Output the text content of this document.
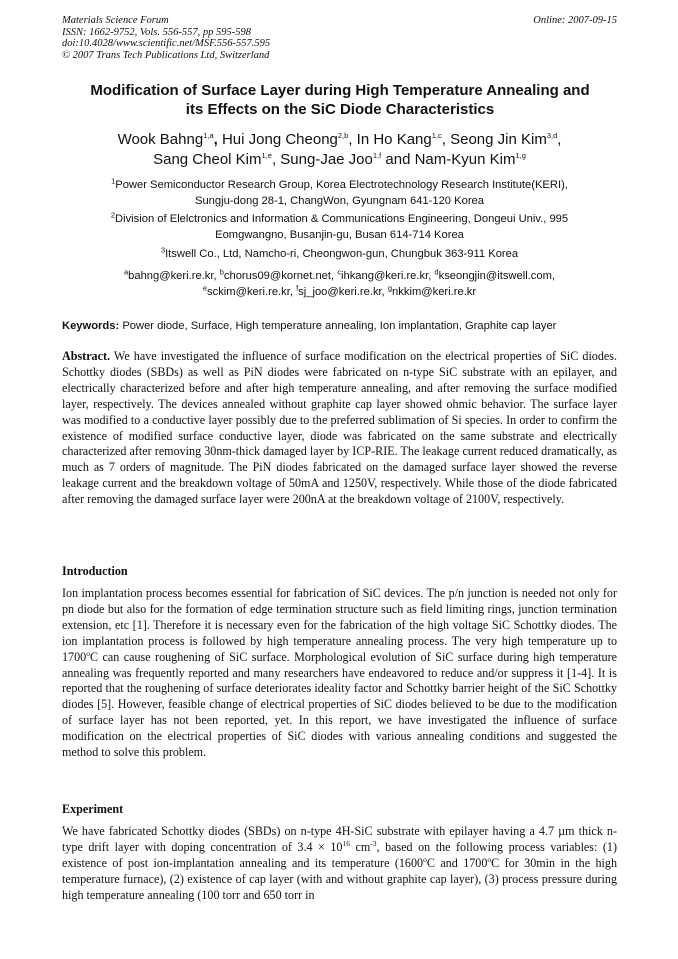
Materials Science Forum
ISSN: 1662-9752, Vols. 556-557, pp 595-598
doi:10.4028/www.scientific.net/MSF.556-557.595
© 2007 Trans Tech Publications Ltd, Switzerland
Online: 2007-09-15
Modification of Surface Layer during High Temperature Annealing and
its Effects on the SiC Diode Characteristics
Wook Bahng$^{1,a}$, Hui Jong Cheong$^{2,b}$, In Ho Kang$^{1,c}$, Seong Jin Kim$^{3,d}$,
Sang Cheol Kim$^{1,e}$, Sung-Jae Joo$^{1,f}$ and Nam-Kyun Kim$^{1,g}$
$^1$Power Semiconductor Research Group, Korea Electrotechnology Research Institute(KERI),
Sungju-dong 28-1, ChangWon, Gyungnam 641-120 Korea
$^2$Division of Elelctronics and Information & Communications Engineering, Dongeui Univ., 995
Eomgwangno, Busanjin-gu, Busan 614-714 Korea
$^3$Itswell Co., Ltd, Namcho-ri, Cheongwon-gun, Chungbuk 363-911 Korea
$^a$bahng@keri.re.kr, $^b$chorus09@kornet.net, $^c$ihkang@keri.re.kr, $^d$kseongjin@itswell.com,
$^e$sckim@keri.re.kr, $^f$sj_joo@keri.re.kr, $^g$nkkim@keri.re.kr
Keywords: Power diode, Surface, High temperature annealing, Ion implantation, Graphite cap layer
Abstract. We have investigated the influence of surface modification on the electrical properties of SiC diodes. Schottky diodes (SBDs) as well as PiN diodes were fabricated on n-type SiC substrate with an epilayer, and electrically characterized before and after high temperature annealing, and after removing the surface modified layer, respectively. The devices annealed without graphite cap layer showed ohmic behavior. The surface layer was modified to a conductive layer possibly due to the preferred sublimation of Si species. In order to confirm the existence of modified surface conductive layer, diode was fabricated on the same substrate and electrically characterized after removing 30nm-thick damaged layer by ICP-RIE. The leakage current reduced dramatically, as much as 7 orders of magnitude. The PiN diodes fabricated on the damaged surface layer showed the reverse leakage current and the breakdown voltage of 50mA and 1250V, respectively. While those of the diode fabricated after removing the damaged surface layer were 200nA at the breakdown voltage of 2100V, respectively.
Introduction
Ion implantation process becomes essential for fabrication of SiC devices. The p/n junction is needed not only for pn diode but also for the formation of edge termination structure such as field limiting rings, junction termination extension, etc [1]. Therefore it is necessary even for the fabrication of the high voltage SiC Schottky diodes. The ion implantation process is followed by high temperature annealing process. The very high temperature up to 1700$^o$C can cause roughening of SiC surface. Morphological evolution of SiC surface during high temperature annealing was frequently reported and many researchers have endeavored to reduce and/or suppress it [1-4]. It is reported that the roughening of surface deteriorates ideality factor and Schottky barrier height of the SiC Schottky diodes [5]. However, feasible change of electrical properties of SiC diodes believed to be due to the modification of surface layer has not been reported, yet. In this report, we have investigated the influence of surface modification on the electrical properties of SiC diodes with various annealing conditions and suggested the method to solve this problem.
Experiment
We have fabricated Schottky diodes (SBDs) on n-type 4H-SiC substrate with epilayer having a 4.7 µm thick n-type drift layer with doping concentration of $3.4 \times 10^{16}$ $cm^{-3}$, based on the following process variables: (1) existence of post ion-implantation annealing and its temperature (1600$^o$C and 1700$^o$C for 30min in the high temperature furnace), (2) existence of cap layer (with and without graphite cap layer), (3) process pressure during high temperature annealing (100 torr and 650 torr in
